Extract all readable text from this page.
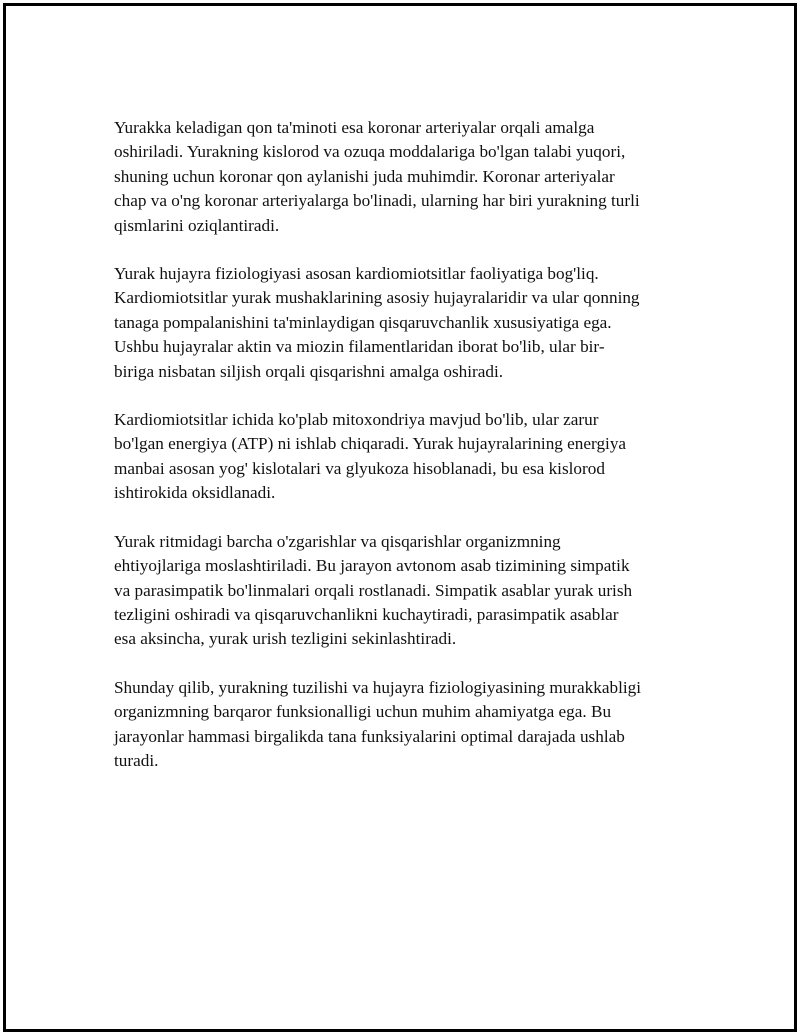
Yurakka keladigan qon ta'minoti esa koronar arteriyalar orqali amalga
oshiriladi. Yurakning kislorod va ozuqa moddalariga bo'lgan talabi yuqori,
shuning uchun koronar qon aylanishi juda muhimdir. Koronar arteriyalar
chap va o'ng koronar arteriyalarga bo'linadi, ularning har biri yurakning turli
qismlarini oziqlantiradi.

Yurak hujayra fiziologiyasi asosan kardiomiotsitlar faoliyatiga bog'liq.
Kardiomiotsitlar yurak mushaklarining asosiy hujayralaridir va ular qonning
tanaga pompalanishini ta'minlaydigan qisqaruvchanlik xususiyatiga ega.
Ushbu hujayralar aktin va miozin filamentlaridan iborat bo'lib, ular bir-
biriga nisbatan siljish orqali qisqarishni amalga oshiradi.

Kardiomiotsitlar ichida ko'plab mitoxondriya mavjud bo'lib, ular zarur
bo'lgan energiya (ATP) ni ishlab chiqaradi. Yurak hujayralarining energiya
manbai asosan yog' kislotalari va glyukoza hisoblanadi, bu esa kislorod
ishtirokida oksidlanadi.

Yurak ritmidagi barcha o'zgarishlar va qisqarishlar organizmning
ehtiyojlariga moslashtiriladi. Bu jarayon avtonom asab tizimining simpatik
va parasimpatik bo'linmalari orqali rostlanadi. Simpatik asablar yurak urish
tezligini oshiradi va qisqaruvchanlikni kuchaytiradi, parasimpatik asablar
esa aksincha, yurak urish tezligini sekinlashtiradi.

Shunday qilib, yurakning tuzilishi va hujayra fiziologiyasining murakkabligi
organizmning barqaror funksionalligi uchun muhim ahamiyatga ega. Bu
jarayonlar hammasi birgalikda tana funksiyalarini optimal darajada ushlab
turadi.
